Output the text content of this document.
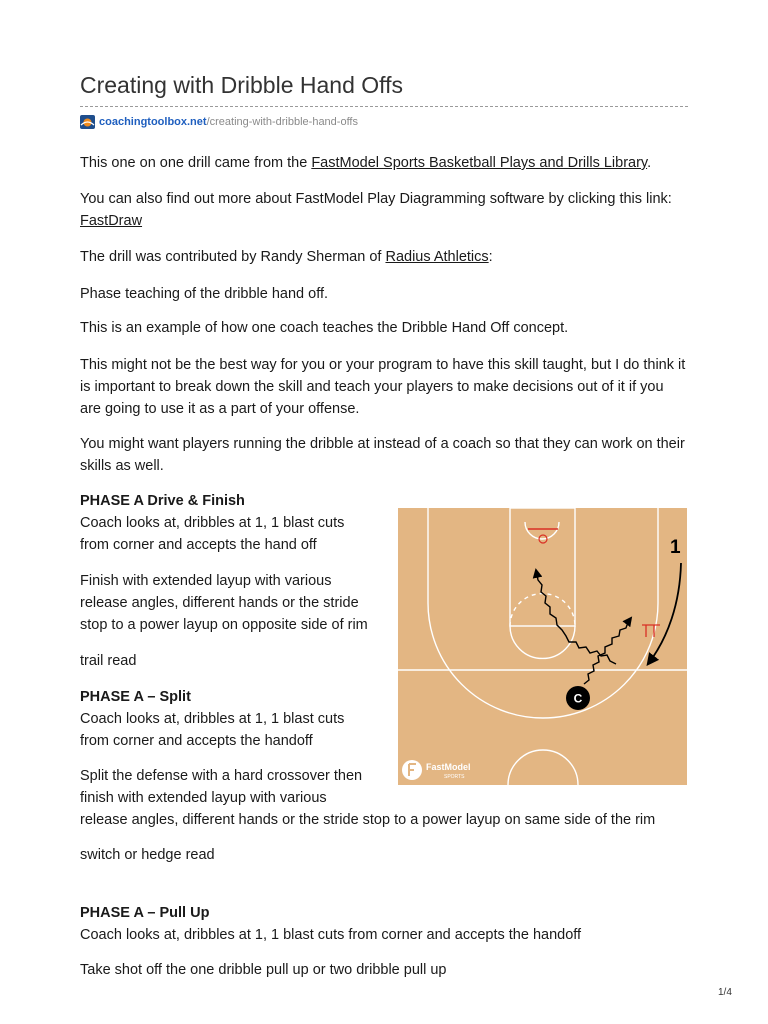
Creating with Dribble Hand Offs
coachingtoolbox.net /creating-with-dribble-hand-offs

This one on one drill came from the FastModel Sports Basketball Plays and Drills Library.

You can also find out more about FastModel Play Diagramming software by clicking this link:

FastDraw

The drill was contributed by Randy Sherman of Radius Athletics:

Phase teaching of the dribble hand off.

This is an example of how one coach teaches the Dribble Hand Off concept.

This might not be the best way for you or your program to have this skill taught, but I do think it

is important to break down the skill and teach your players to make decisions out of it if you

are going to use it as a part of your offense.

You might want players running the dribble at instead of a coach so that they can work on their

skills as well.

PHASE A Drive & Finish

Coach looks at, dribbles at 1, 1 blast cuts

from corner and accepts the hand off

Finish with extended layup with various

release angles, different hands or the stride

stop to a power layup on opposite side of rim

trail read

PHASE A – Split

Coach looks at, dribbles at 1, 1 blast cuts

from corner and accepts the handoff

Split the defense with a hard crossover then

finish with extended layup with various

release angles, different hands or the stride stop to a power layup on same side of the rim

switch or hedge read

PHASE A – Pull Up

Coach looks at, dribbles at 1, 1 blast cuts from corner and accepts the handoff

Take shot off the one dribble pull up or two dribble pull up

1
C
FastModel
SPORTS
1/4
